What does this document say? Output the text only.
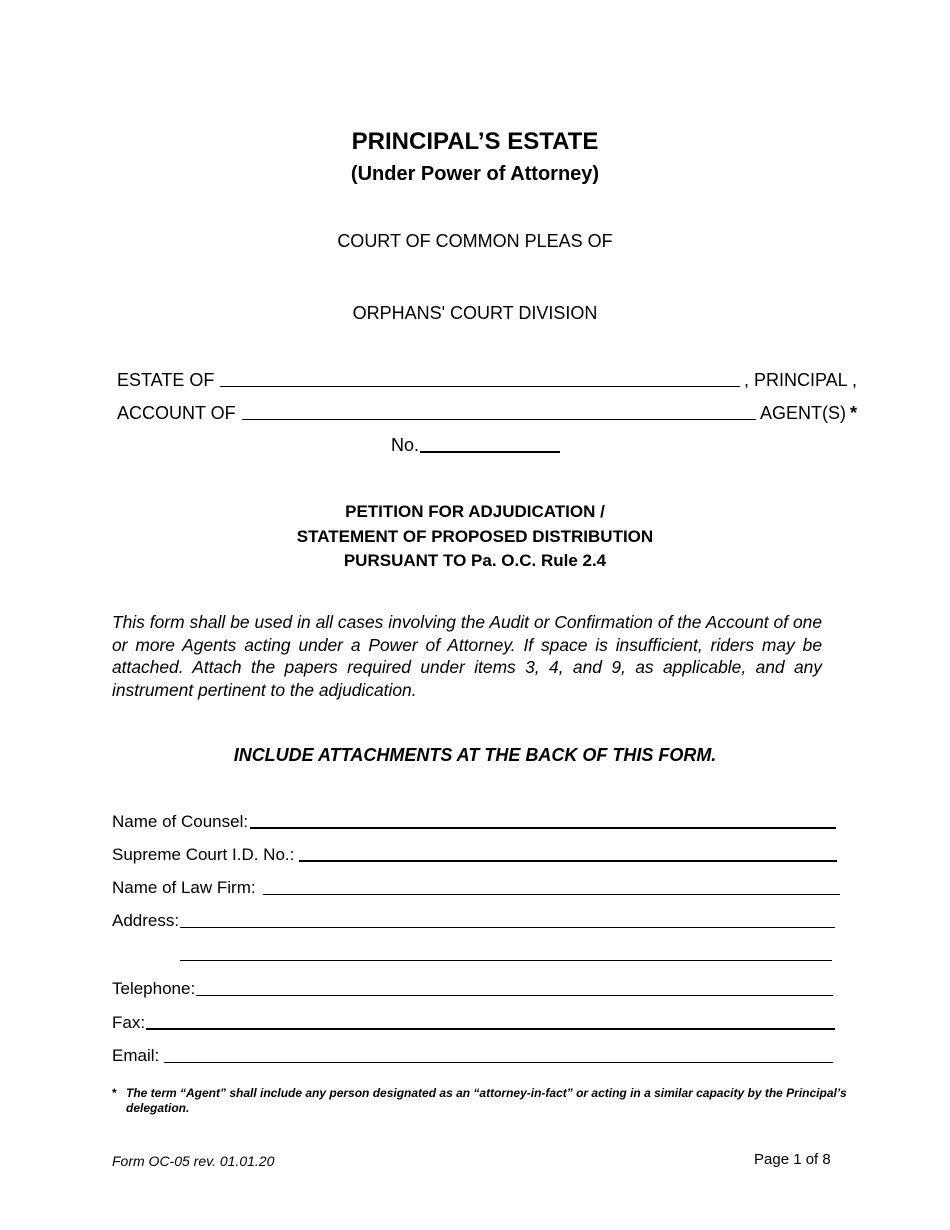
PRINCIPAL’S ESTATE
(Under Power of Attorney)
COURT OF COMMON PLEAS OF
ORPHANS' COURT DIVISION
ESTATE OF	, PRINCIPAL ,
ACCOUNT OF	AGENT(S) *
No.
PETITION FOR ADJUDICATION /
STATEMENT OF PROPOSED DISTRIBUTION
PURSUANT TO Pa. O.C. Rule 2.4
This form shall be used in all cases involving the Audit or Confirmation of the Account of one or more Agents acting under a Power of Attorney. If space is insufficient, riders may be attached. Attach the papers required under items 3, 4, and 9, as applicable, and any instrument pertinent to the adjudication.
INCLUDE ATTACHMENTS AT THE BACK OF THIS FORM.
Name of Counsel:
Supreme Court I.D. No.:
Name of Law Firm:
Address:
Telephone:
Fax:
Email:
* The term “Agent” shall include any person designated as an “attorney-in-fact” or acting in a similar capacity by the Principal’s delegation.
Form OC-05 rev. 01.01.20	Page 1 of 8
